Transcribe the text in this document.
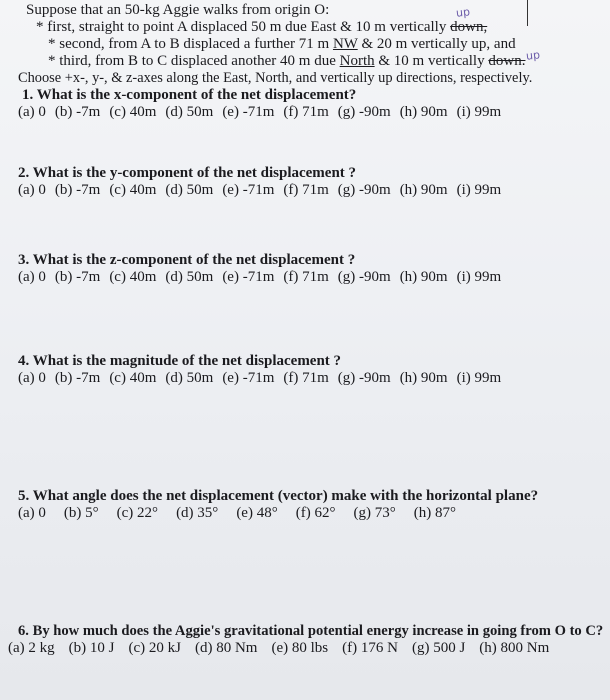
Suppose that an 50-kg Aggie walks from origin O:
* first, straight to point A displaced 50 m due East & 10 m vertically down,
up
* second, from A to B displaced a further 71 m NW & 20 m vertically up, and
* third, from B to C displaced another 40 m due North & 10 m vertically down. up
Choose +x-, y-, & z-axes along the East, North, and vertically up directions, respectively.
1. What is the x-component of the net displacement?
(a) 0 (b) -7m (c) 40m (d) 50m (e) -71m (f) 71m (g) -90m (h) 90m (i) 99m
2. What is the y-component of the net displacement ?
(a) 0 (b) -7m (c) 40m (d) 50m (e) -71m (f) 71m (g) -90m (h) 90m (i) 99m
3. What is the z-component of the net displacement ?
(a) 0 (b) -7m (c) 40m (d) 50m (e) -71m (f) 71m (g) -90m (h) 90m (i) 99m
4. What is the magnitude of the net displacement ?
(a) 0 (b) -7m (c) 40m (d) 50m (e) -71m (f) 71m (g) -90m (h) 90m (i) 99m
5. What angle does the net displacement (vector) make with the horizontal plane?
(a) 0 (b) 5° (c) 22° (d) 35° (e) 48° (f) 62° (g) 73° (h) 87°
6. By how much does the Aggie's gravitational potential energy increase in going from O to C?
(a) 2 kg (b) 10 J (c) 20 kJ (d) 80 Nm (e) 80 lbs (f) 176 N (g) 500 J (h) 800 Nm
